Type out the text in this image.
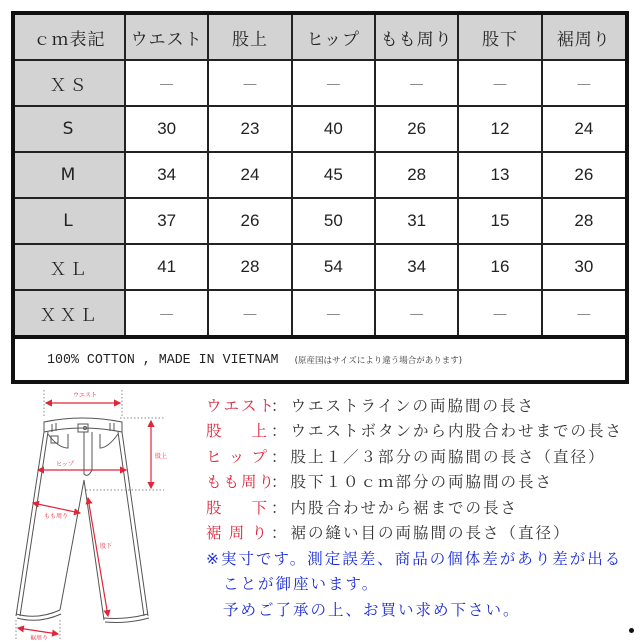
ｃｍ表記	ウエスト	股上	ヒップ	もも周り	股下	裾周り
ＸＳ	－	－	－	－	－	－
S	30	23	40	26	12	24
M	34	24	45	28	13	26
L	37	26	50	31	15	28
ＸＬ	41	28	54	34	16	30
ＸＸＬ	－	－	－	－	－	－
100% COTTON , MADE IN VIETNAM (原産国はサイズにより違う場合があります)
ウエスト
股上
ヒップ
もも周り
股下
裾周り
ウ エ ス ト
： ウエストラインの両脇間の長さ
股 上 ： ウエストボタンから内股合わせまでの長さ
ヒ ッ プ ： 股上１／３部分の両脇間の長さ（直径）
も も 周 り
： 股下１０ｃｍ部分の両脇間の長さ
股 下 ： 内股合わせから裾までの長さ
裾 周 り ： 裾の縫い目の両脇間の長さ（直径）
※実寸です。測定誤差、商品の個体差があり差が出る
ことが御座います。
予めご了承の上、お買い求め下さい。
